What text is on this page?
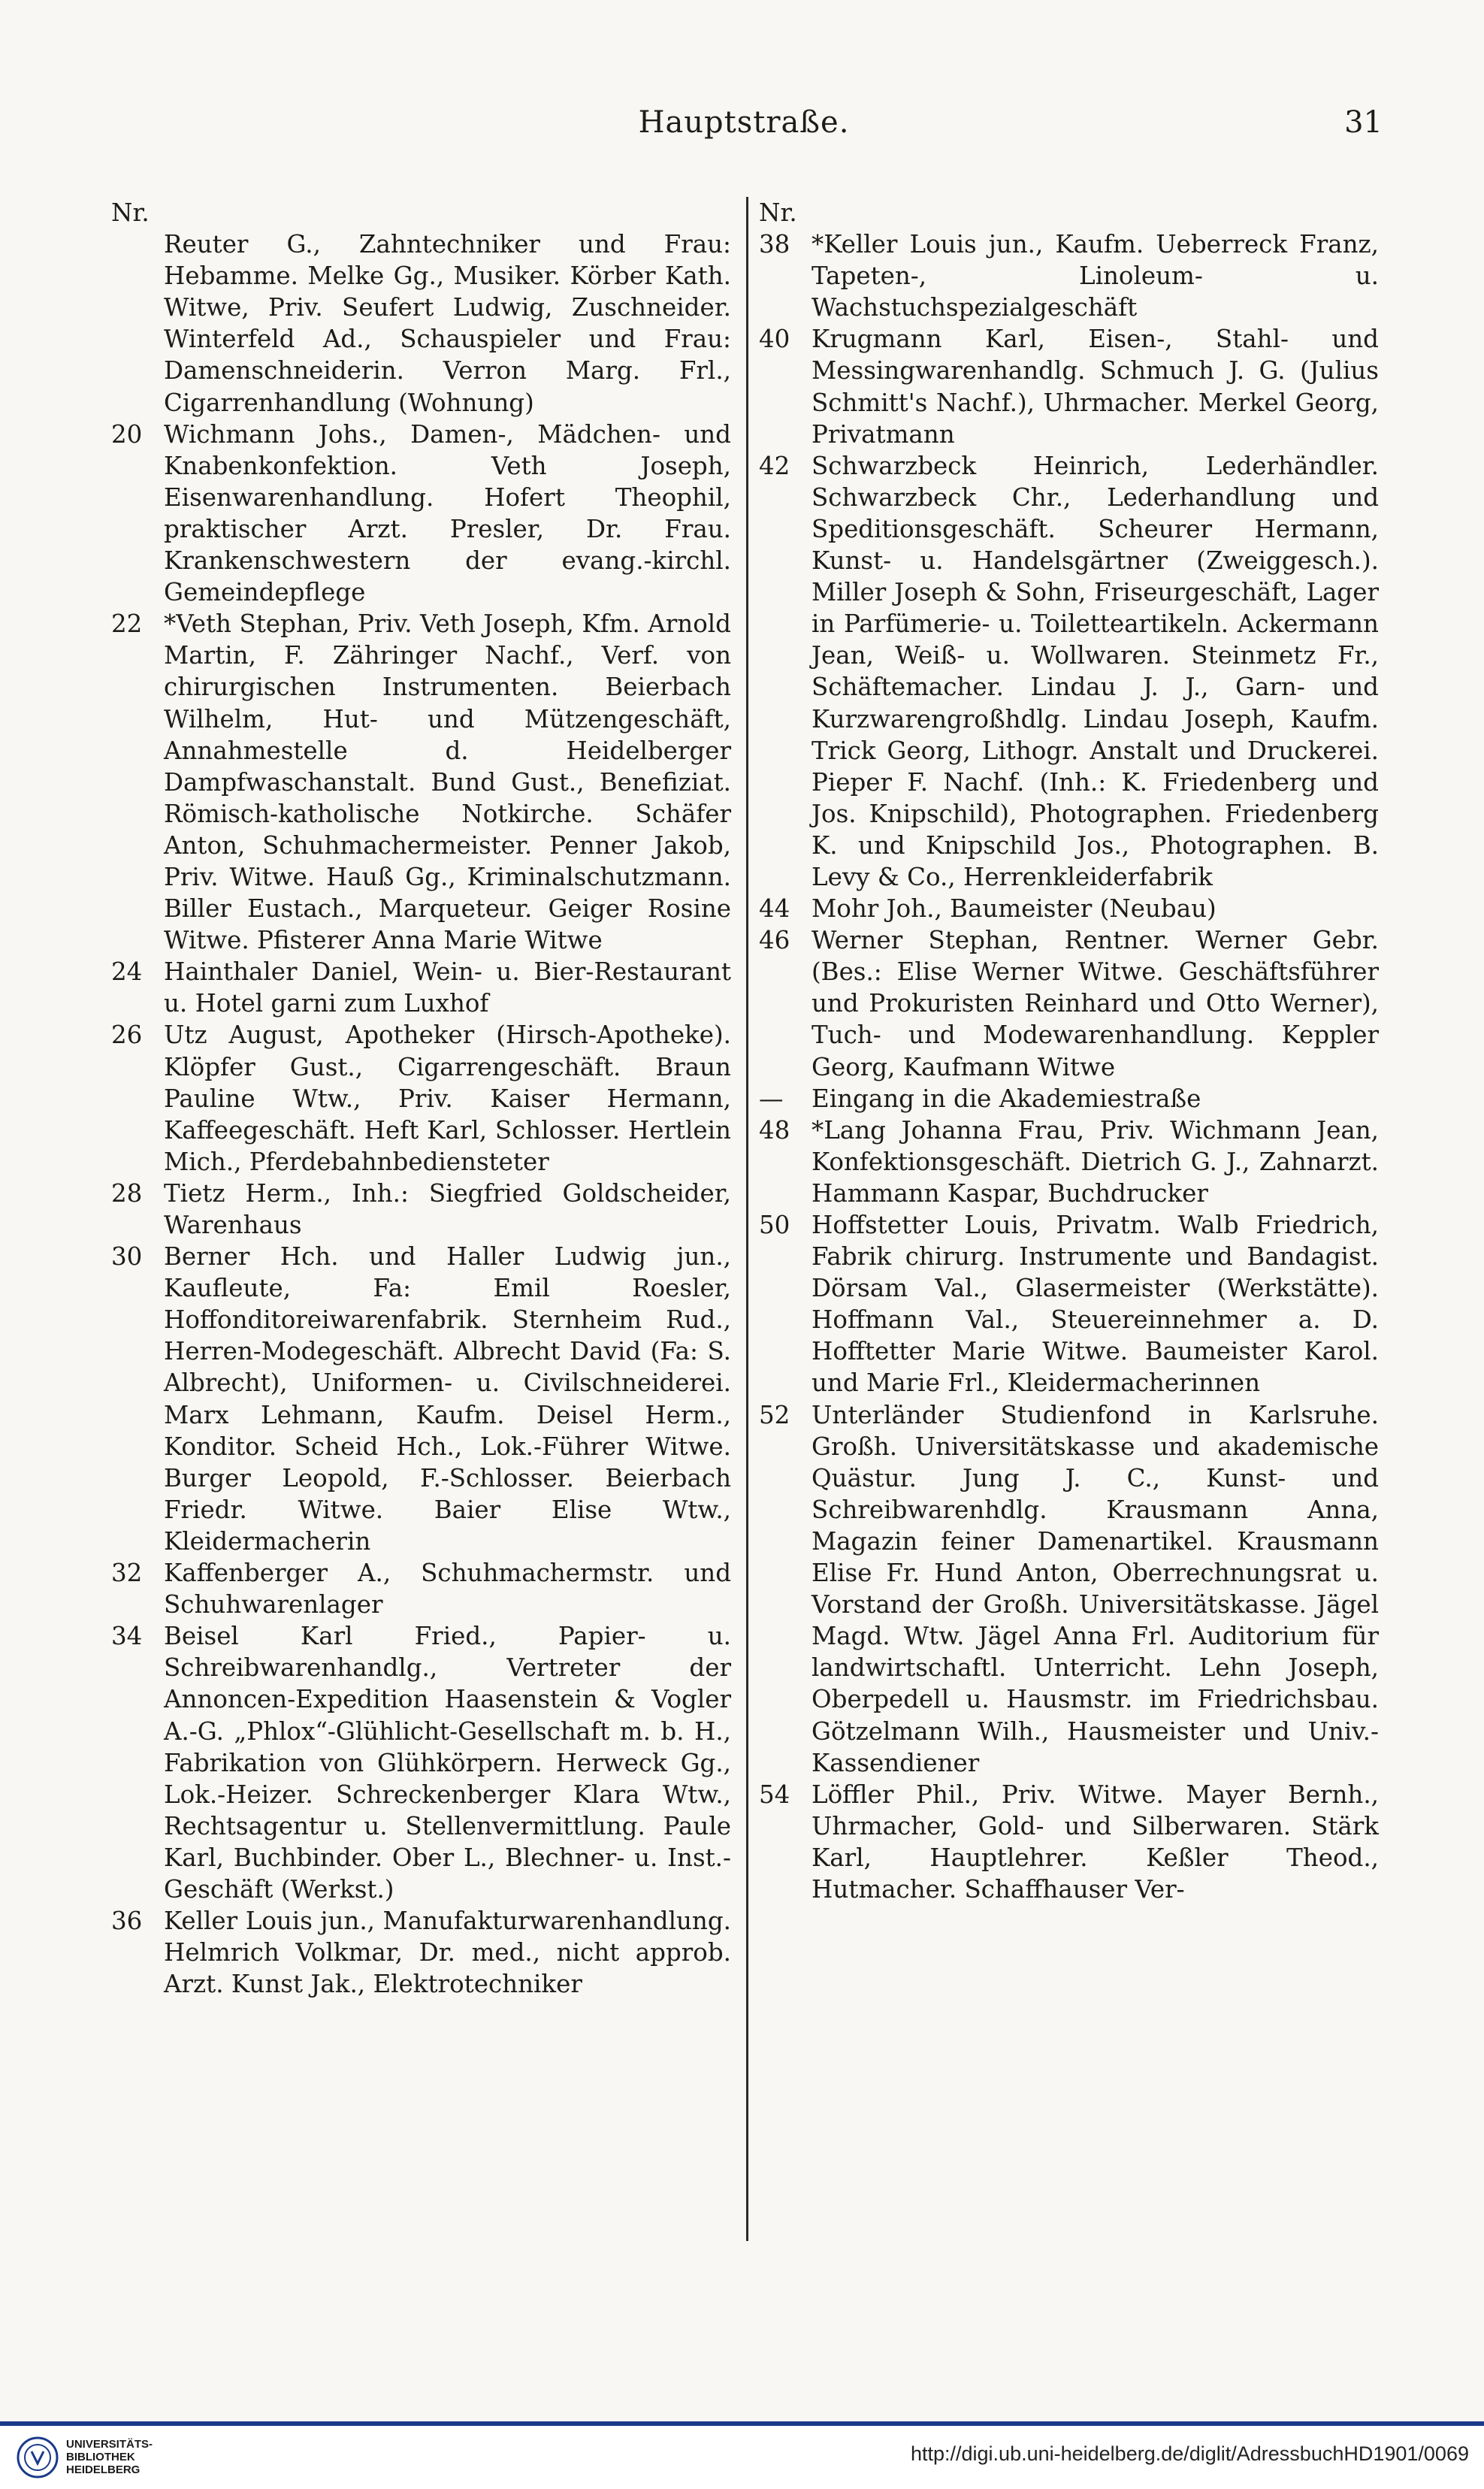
Hauptstraße.	31
Nr.
Reuter G., Zahntechniker und Frau: Hebamme. Melke Gg., Musiker. Körber Kath. Witwe, Priv. Seufert Ludwig, Zuschneider. Winterfeld Ad., Schauspieler und Frau: Damenschneiderin. Verron Marg. Frl., Cigarrenhandlung (Wohnung)
20 Wichmann Johs., Damen-, Mädchen- und Knabenkonfektion. Veth Joseph, Eisenwarenhandlung. Hofert Theophil, praktischer Arzt. Presler, Dr. Frau. Krankenschwestern der evang.-kirchl. Gemeindepflege
22 *Veth Stephan, Priv. Veth Joseph, Kfm. Arnold Martin, F. Zähringer Nachf., Verf. von chirurgischen Instrumenten. Beierbach Wilhelm, Hut- und Mützengeschäft, Annahmestelle d. Heidelberger Dampfwaschanstalt. Bund Gust., Benefiziat. Römisch-katholische Notkirche. Schäfer Anton, Schuhmachermeister. Penner Jakob, Priv. Witwe. Hauß Gg., Kriminalschutzmann. Biller Eustach., Marqueteur. Geiger Rosine Witwe. Pfisterer Anna Marie Witwe
24 Hainthaler Daniel, Wein- u. Bier-Restaurant u. Hotel garni zum Luxhof
26 Utz August, Apotheker (Hirsch-Apotheke). Klöpfer Gust., Cigarrengeschäft. Braun Pauline Wtw., Priv. Kaiser Hermann, Kaffeegeschäft. Heft Karl, Schlosser. Hertlein Mich., Pferdebahnbediensteter
28 Tietz Herm., Inh.: Siegfried Goldscheider, Warenhaus
30 Berner Hch. und Haller Ludwig jun., Kaufleute, Fa: Emil Roesler, Hoffonditoreiwarenfabrik. Sternheim Rud., Herren-Modegeschäft. Albrecht David (Fa: S. Albrecht), Uniformen- u. Civilschneiderei. Marx Lehmann, Kaufm. Deisel Herm., Konditor. Scheid Hch., Lok.-Führer Witwe. Burger Leopold, F.-Schlosser. Beierbach Friedr. Witwe. Baier Elise Wtw., Kleidermacherin
32 Kaffenberger A., Schuhmachermstr. und Schuhwarenlager
34 Beisel Karl Fried., Papier- u. Schreibwarenhandlg., Vertreter der Annoncen-Expedition Haasenstein & Vogler A.-G. „Phlox“-Glühlicht-Gesellschaft m. b. H., Fabrikation von Glühkörpern. Herweck Gg., Lok.-Heizer. Schreckenberger Klara Wtw., Rechtsagentur u. Stellenvermittlung. Paule Karl, Buchbinder. Ober L., Blechner- u. Inst.-Geschäft (Werkst.)
36 Keller Louis jun., Manufakturwarenhandlung. Helmrich Volkmar, Dr. med., nicht approb. Arzt. Kunst Jak., Elektrotechniker
Nr.
38 *Keller Louis jun., Kaufm. Ueberreck Franz, Tapeten-, Linoleum- u. Wachstuchspezialgeschäft
40 Krugmann Karl, Eisen-, Stahl- und Messingwarenhandlg. Schmuch J. G. (Julius Schmitt's Nachf.), Uhrmacher. Merkel Georg, Privatmann
42 Schwarzbeck Heinrich, Lederhändler. Schwarzbeck Chr., Lederhandlung und Speditionsgeschäft. Scheurer Hermann, Kunst- u. Handelsgärtner (Zweiggesch.). Miller Joseph & Sohn, Friseurgeschäft, Lager in Parfümerie- u. Toiletteartikeln. Ackermann Jean, Weiß- u. Wollwaren. Steinmetz Fr., Schäftemacher. Lindau J. J., Garn- und Kurzwarengroßhdlg. Lindau Joseph, Kaufm. Trick Georg, Lithogr. Anstalt und Druckerei. Pieper F. Nachf. (Inh.: K. Friedenberg und Jos. Knipschild), Photographen. Friedenberg K. und Knipschild Jos., Photographen. B. Levy & Co., Herrenkleiderfabrik
44 Mohr Joh., Baumeister (Neubau)
46 Werner Stephan, Rentner. Werner Gebr. (Bes.: Elise Werner Witwe. Geschäftsführer und Prokuristen Reinhard und Otto Werner), Tuch- und Modewarenhandlung. Keppler Georg, Kaufmann Witwe
—	Eingang in die Akademiestraße
48 *Lang Johanna Frau, Priv. Wichmann Jean, Konfektionsgeschäft. Dietrich G. J., Zahnarzt. Hammann Kaspar, Buchdrucker
50 Hoffstetter Louis, Privatm. Walb Friedrich, Fabrik chirurg. Instrumente und Bandagist. Dörsam Val., Glasermeister (Werkstätte). Hoffmann Val., Steuereinnehmer a. D. Hofftetter Marie Witwe. Baumeister Karol. und Marie Frl., Kleidermacherinnen
52 Unterländer Studienfond in Karlsruhe. Großh. Universitätskasse und akademische Quästur. Jung J. C., Kunst- und Schreibwarenhdlg. Krausmann Anna, Magazin feiner Damenartikel. Krausmann Elise Fr. Hund Anton, Oberrechnungsrat u. Vorstand der Großh. Universitätskasse. Jägel Magd. Wtw. Jägel Anna Frl. Auditorium für landwirtschaftl. Unterricht. Lehn Joseph, Oberpedell u. Hausmstr. im Friedrichsbau. Götzelmann Wilh., Hausmeister und Univ.-Kassendiener
54 Löffler Phil., Priv. Witwe. Mayer Bernh., Uhrmacher, Gold- und Silberwaren. Stärk Karl, Hauptlehrer. Keßler Theod., Hutmacher. Schaffhauser Ver-
UNIVERSITÄTS-
BIBLIOTHEK
HEIDELBERG
http://digi.ub.uni-heidelberg.de/diglit/AdressbuchHD1901/0069
